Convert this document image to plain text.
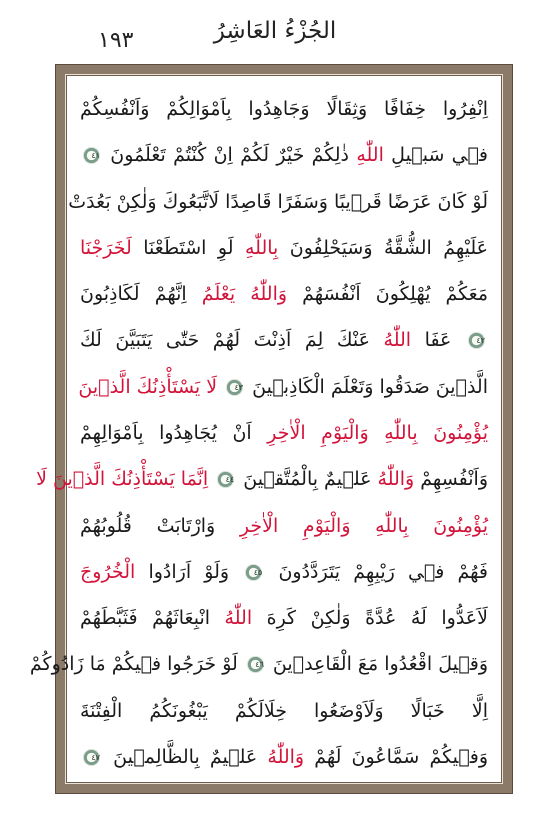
١٩٣	الجُزْءُ العَاشِرُ
اِنْفِرُوا خِفَافًا وَثِقَالًا وَجَاهِدُوا بِاَمْوَالِكُمْ وَاَنْفُسِكُمْ
ف۪ي سَب۪يلِ اللّٰهِ ذٰلِكُمْ خَيْرٌ لَكُمْ اِنْ كُنْتُمْ تَعْلَمُونَ ٤١
لَوْ كَانَ عَرَضًا قَر۪يبًا وَسَفَرًا قَاصِدًا لَاتَّبَعُوكَ وَلٰكِنْ بَعُدَتْ
عَلَيْهِمُ الشُّقَّةُ وَسَيَحْلِفُونَ بِاللّٰهِ لَوِ اسْتَطَعْنَا لَخَرَجْنَا
مَعَكُمْ يُهْلِكُونَ اَنْفُسَهُمْ وَاللّٰهُ يَعْلَمُ اِنَّهُمْ لَكَاذِبُونَ
٤٢ عَفَا اللّٰهُ عَنْكَ لِمَ اَذِنْتَ لَهُمْ حَتّٰى يَتَبَيَّنَ لَكَ
الَّذ۪ينَ صَدَقُوا وَتَعْلَمَ الْكَاذِب۪ينَ ٤٣ لَا يَسْتَأْذِنُكَ الَّذ۪ينَ
يُؤْمِنُونَ بِاللّٰهِ وَالْيَوْمِ الْاٰخِرِ اَنْ يُجَاهِدُوا بِاَمْوَالِهِمْ
وَاَنْفُسِهِمْ وَاللّٰهُ عَل۪يمٌ بِالْمُتَّق۪ينَ ٤٤ اِنَّمَا يَسْتَأْذِنُكَ الَّذ۪ينَ لَا
يُؤْمِنُونَ بِاللّٰهِ وَالْيَوْمِ الْاٰخِرِ وَارْتَابَتْ قُلُوبُهُمْ
فَهُمْ ف۪ي رَيْبِهِمْ يَتَرَدَّدُونَ ٤٥ وَلَوْ اَرَادُوا الْخُرُوجَ
لَاَعَدُّوا لَهُ عُدَّةً وَلٰكِنْ كَرِهَ اللّٰهُ انْبِعَاثَهُمْ فَثَبَّطَهُمْ
وَق۪يلَ اقْعُدُوا مَعَ الْقَاعِد۪ينَ ٤٦ لَوْ خَرَجُوا ف۪يكُمْ مَا زَادُوكُمْ
اِلَّا خَبَالًا وَلَاَوْضَعُوا خِلَالَكُمْ يَبْغُونَكُمُ الْفِتْنَةَ
وَف۪يكُمْ سَمَّاعُونَ لَهُمْ وَاللّٰهُ عَل۪يمٌ بِالظَّالِم۪ينَ ٤٧
